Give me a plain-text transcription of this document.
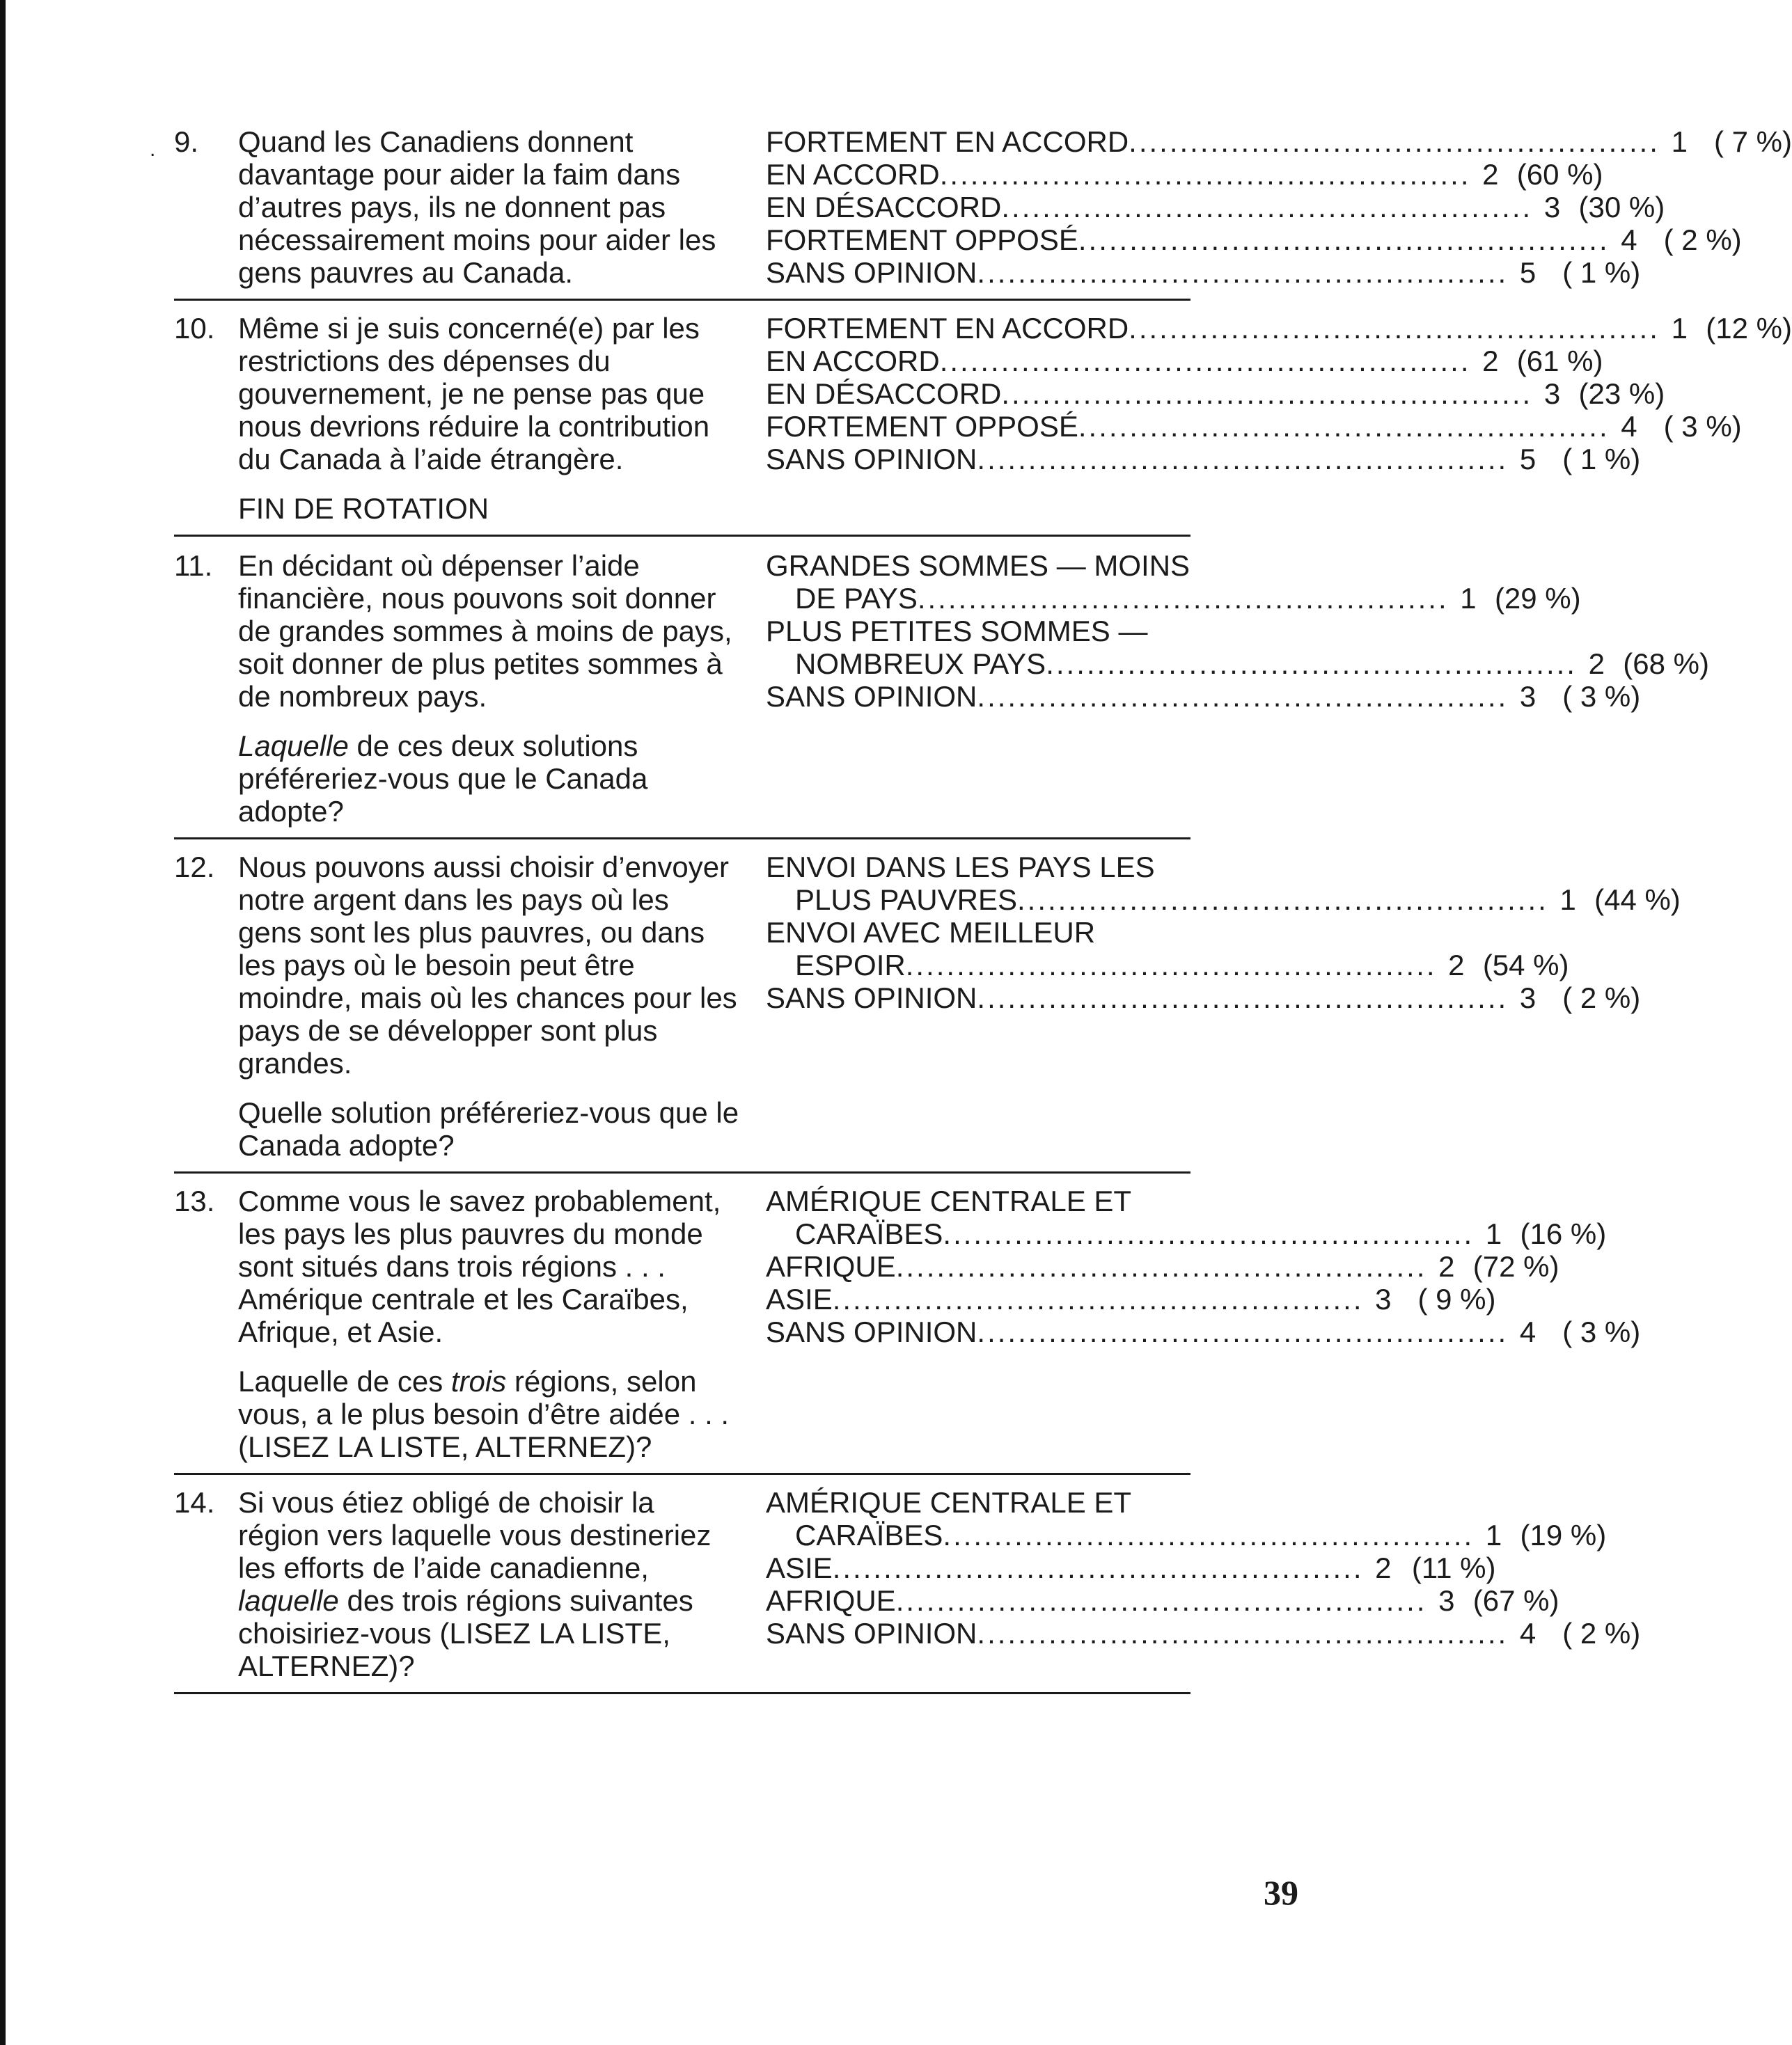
. 9.	Quand les Canadiens donnent davantage pour aider la faim dans d’autres pays, ils ne donnent pas nécessairement moins pour aider les gens pauvres au Canada.

FORTEMENT EN ACCORD .................................................... 1 ( 7 %)
EN ACCORD .................................................... 2 (60 %)
EN DÉSACCORD .................................................... 3 (30 %)
FORTEMENT OPPOSÉ .................................................... 4 ( 2 %)
SANS OPINION .................................................... 5 ( 1 %)
10. Même si je suis concerné(e) par les restrictions des dépenses du gouvernement, je ne pense pas que nous devrions réduire la contribution du Canada à l’aide étrangère.

FIN DE ROTATION

FORTEMENT EN ACCORD .................................................... 1 (12 %)
EN ACCORD .................................................... 2 (61 %)
EN DÉSACCORD .................................................... 3 (23 %)
FORTEMENT OPPOSÉ .................................................... 4 ( 3 %)
SANS OPINION .................................................... 5 ( 1 %)
11. En décidant où dépenser l’aide financière, nous pouvons soit donner de grandes sommes à moins de pays, soit donner de plus petites sommes à de nombreux pays.

Laquelle de ces deux solutions préféreriez-vous que le Canada adopte?

GRANDES SOMMES — MOINS
DE PAYS .................................................... 1 (29 %)
PLUS PETITES SOMMES —
NOMBREUX PAYS .................................................... 2 (68 %)
SANS OPINION .................................................... 3 ( 3 %)
12. Nous pouvons aussi choisir d’envoyer notre argent dans les pays où les gens sont les plus pauvres, ou dans les pays où le besoin peut être moindre, mais où les chances pour les pays de se développer sont plus grandes.

Quelle solution préféreriez-vous que le Canada adopte?

ENVOI DANS LES PAYS LES
PLUS PAUVRES .................................................... 1 (44 %)
ENVOI AVEC MEILLEUR
ESPOIR .................................................... 2 (54 %)
SANS OPINION .................................................... 3 ( 2 %)
13. Comme vous le savez probablement, les pays les plus pauvres du monde sont situés dans trois régions . . . Amérique centrale et les Caraïbes, Afrique, et Asie.

Laquelle de ces trois régions, selon vous, a le plus besoin d’être aidée . . . (LISEZ LA LISTE, ALTERNEZ)?

AMÉRIQUE CENTRALE ET
CARAÏBES .................................................... 1 (16 %)
AFRIQUE .................................................... 2 (72 %)
ASIE .................................................... 3 ( 9 %)
SANS OPINION .................................................... 4 ( 3 %)
14. Si vous étiez obligé de choisir la région vers laquelle vous destineriez les efforts de l’aide canadienne, laquelle des trois régions suivantes choisiriez-vous (LISEZ LA LISTE, ALTERNEZ)?

AMÉRIQUE CENTRALE ET
CARAÏBES .................................................... 1 (19 %)
ASIE .................................................... 2 (11 %)
AFRIQUE .................................................... 3 (67 %)
SANS OPINION .................................................... 4 ( 2 %)
39
